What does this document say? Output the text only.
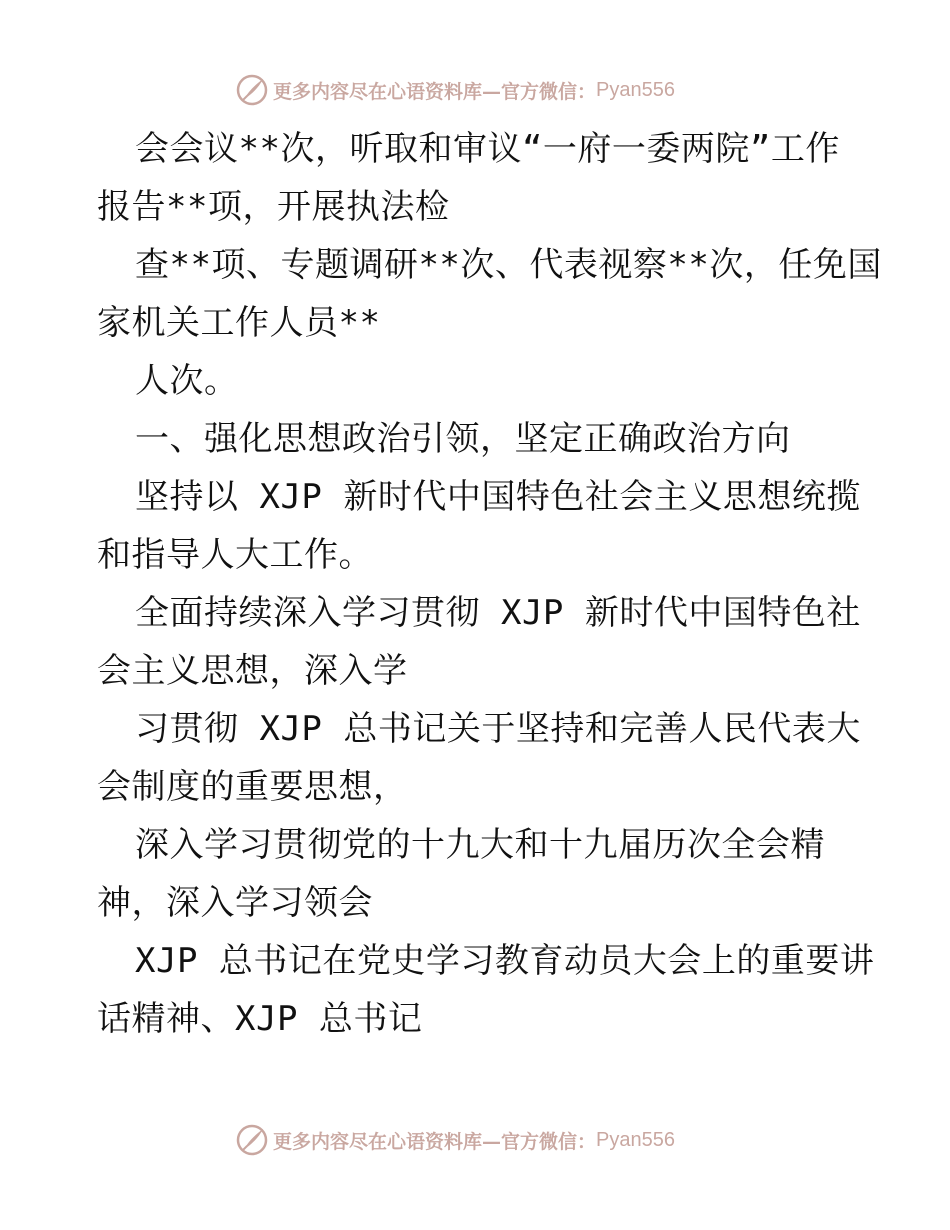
更多内容尽在心语资料库—官方微信： Pyan556
会会议**次，听取和审议“一府一委两院”工作
报告**项，开展执法检
查**项、专题调研**次、代表视察**次，任免国
家机关工作人员**
人次。
一、强化思想政治引领，坚定正确政治方向
坚持以 XJP 新时代中国特色社会主义思想统揽
和指导人大工作。
全面持续深入学习贯彻 XJP 新时代中国特色社
会主义思想，深入学
习贯彻 XJP 总书记关于坚持和完善人民代表大
会制度的重要思想，
深入学习贯彻党的十九大和十九届历次全会精
神，深入学习领会
XJP 总书记在党史学习教育动员大会上的重要讲
话精神、XJP 总书记
更多内容尽在心语资料库—官方微信： Pyan556
